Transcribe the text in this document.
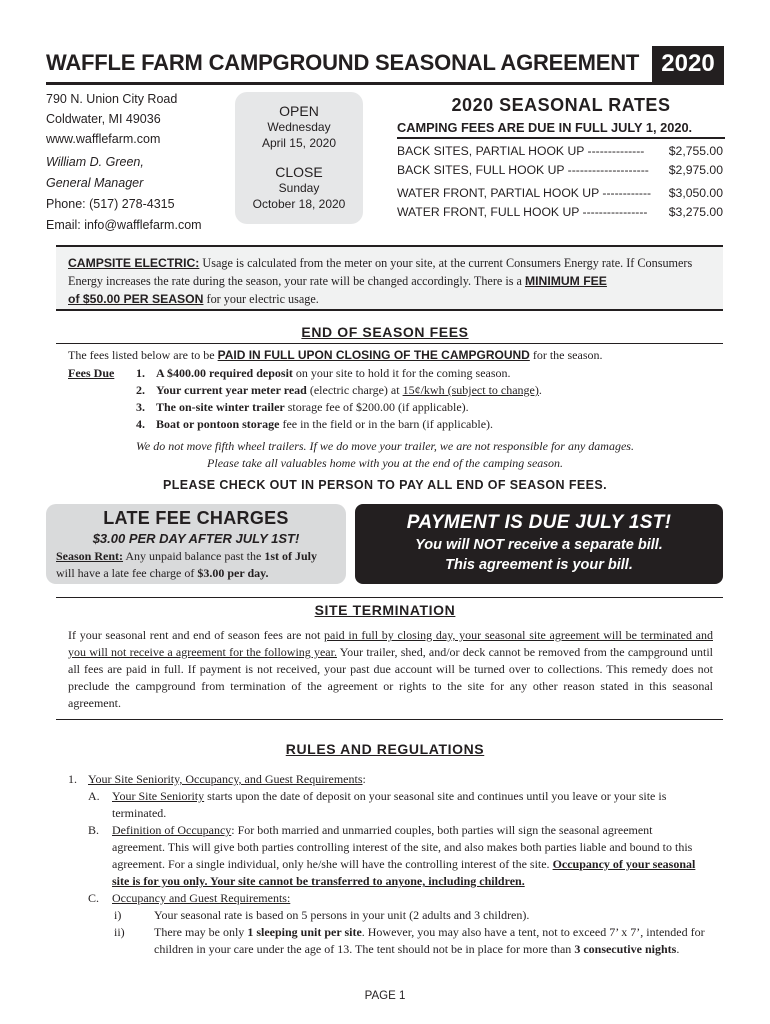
WAFFLE FARM CAMPGROUND SEASONAL AGREEMENT 2020
790 N. Union City Road
Coldwater, MI 49036
www.wafflefarm.com
William D. Green,
General Manager
Phone: (517) 278-4315
Email: info@wafflefarm.com
OPEN
Wednesday
April 15, 2020
CLOSE
Sunday
October 18, 2020
2020 SEASONAL RATES
CAMPING FEES ARE DUE IN FULL JULY 1, 2020.
BACK SITES, PARTIAL HOOK UP -------------- $2,755.00
BACK SITES, FULL HOOK UP -------------------- $2,975.00
WATER FRONT, PARTIAL HOOK UP ------------ $3,050.00
WATER FRONT, FULL HOOK UP ---------------- $3,275.00
CAMPSITE ELECTRIC: Usage is calculated from the meter on your site, at the current Consumers Energy rate. If Consumers Energy increases the rate during the season, your rate will be changed accordingly. There is a MINIMUM FEE
of $50.00 PER SEASON for your electric usage.
END OF SEASON FEES
The fees listed below are to be PAID IN FULL UPON CLOSING OF THE CAMPGROUND for the season.
Fees Due	1. A $400.00 required deposit on your site to hold it for the coming season.
2. Your current year meter read (electric charge) at 15¢/kwh (subject to change).
3. The on-site winter trailer storage fee of $200.00 (if applicable).
4. Boat or pontoon storage fee in the field or in the barn (if applicable).
We do not move fifth wheel trailers. If we do move your trailer, we are not responsible for any damages.
Please take all valuables home with you at the end of the camping season.
PLEASE CHECK OUT IN PERSON TO PAY ALL END OF SEASON FEES.
LATE FEE CHARGES
$3.00 PER DAY AFTER JULY 1ST!
Season Rent: Any unpaid balance past the 1st of July
will have a late fee charge of $3.00 per day.
PAYMENT IS DUE JULY 1ST!
You will NOT receive a separate bill.
This agreement is your bill.
SITE TERMINATION
If your seasonal rent and end of season fees are not paid in full by closing day, your seasonal site agreement will be terminated and you will not receive a agreement for the following year. Your trailer, shed, and/or deck cannot be removed from the campground until all fees are paid in full. If payment is not received, your past due account will be turned over to collections. This remedy does not preclude the campground from termination of the agreement or rights to the site for any other reason stated in this seasonal agreement.
RULES AND REGULATIONS
1. Your Site Seniority, Occupancy, and Guest Requirements:
A.	Your Site Seniority starts upon the date of deposit on your seasonal site and continues until you leave or your site is terminated.
B.	Definition of Occupancy: For both married and unmarried couples, both parties will sign the seasonal agreement agreement. This will give both parties controlling interest of the site, and also makes both parties liable and bound to this agreement. For a single individual, only he/she will have the controlling interest of the site. Occupancy of your seasonal site is for you only. Your site cannot be transferred to anyone, including children.
C.	Occupancy and Guest Requirements:
i)	Your seasonal rate is based on 5 persons in your unit (2 adults and 3 children).
ii)	There may be only 1 sleeping unit per site. However, you may also have a tent, not to exceed 7’ x 7’, intended for children in your care under the age of 13. The tent should not be in place for more than 3 consecutive nights.
PAGE 1
